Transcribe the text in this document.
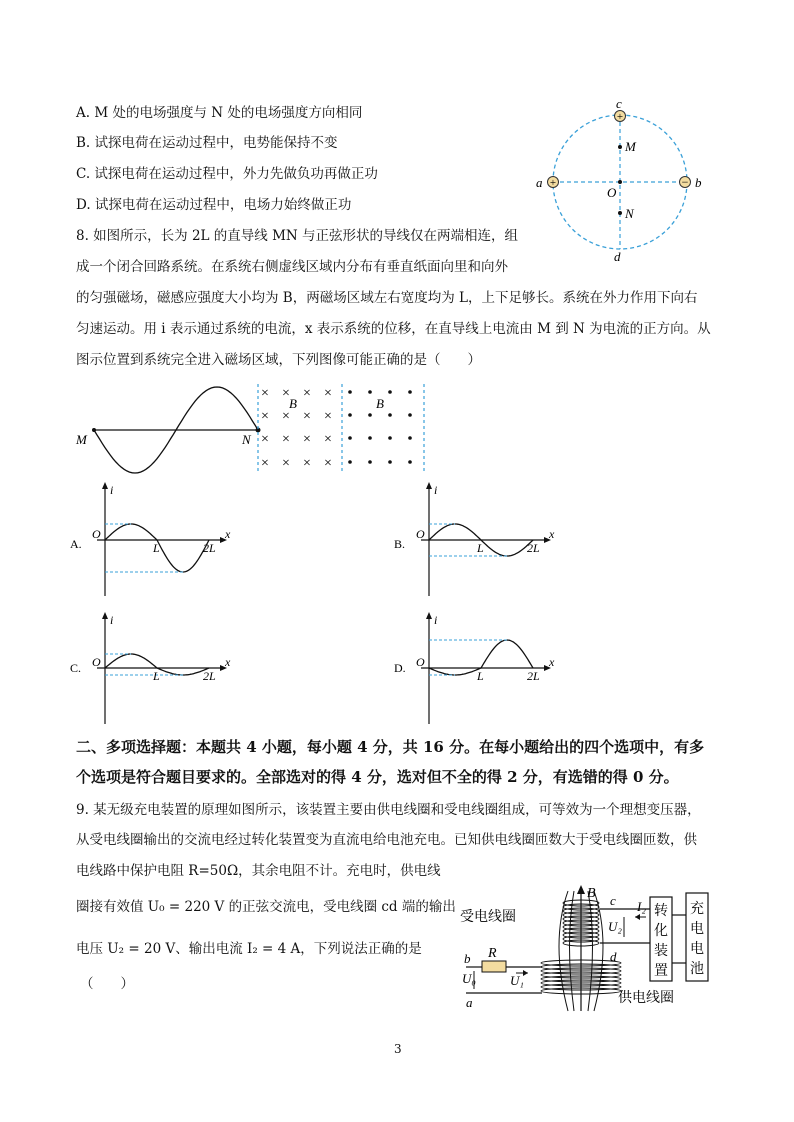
A. M 处的电场强度与 N 处的电场强度方向相同
B. 试探电荷在运动过程中，电势能保持不变
C. 试探电荷在运动过程中，外力先做负功再做正功
D. 试探电荷在运动过程中，电场力始终做正功
+
+	−
c
M
a
O
b
N
d
8. 如图所示，长为 2L 的直导线 MN 与正弦形状的导线仅在两端相连，组
成一个闭合回路系统。在系统右侧虚线区域内分布有垂直纸面向里和向外
的匀强磁场，磁感应强度大小均为 B，两磁场区域左右宽度均为 L，上下足够长。系统在外力作用下向右
匀速运动。用 i 表示通过系统的电流，x 表示系统的位移，在直导线上电流由 M 到 N 为电流的正方向。从
图示位置到系统完全进入磁场区域，下列图像可能正确的是（　　）
M	N
×
×
×
×
×
×
×
×
×
×
×
×
×
×
×
×
B	B
A.
i
O
L	2L
x
B.
i
O
L	2L
x
C.
i
O
L	2L
x	D.
i
O
L	2L
x
二、多项选择题：本题共 4 小题，每小题 4 分，共 16 分。在每小题给出的四个选项中，有多
个选项是符合题目要求的。全部选对的得 4 分，选对但不全的得 2 分，有选错的得 0 分。
9. 某无级充电装置的原理如图所示，该装置主要由供电线圈和受电线圈组成，可等效为一个理想变压器，
从受电线圈输出的交流电经过转化装置变为直流电给电池充电。已知供电线圈匝数大于受电线圈匝数，供
电线路中保护电阻 R=50Ω，其余电阻不计。充电时，供电线
圈接有效值 U₀ = 220 V 的正弦交流电，受电线圈 cd 端的输出
电压 U₂ = 20 V、输出电流 I₂ = 4 A，下列说法正确的是
（　　）
B
受电线圈
供电线圈
c I₂
U₂
d
转
化
装
置
充
电
电
池
R
b
U₀	U₁
a
3
